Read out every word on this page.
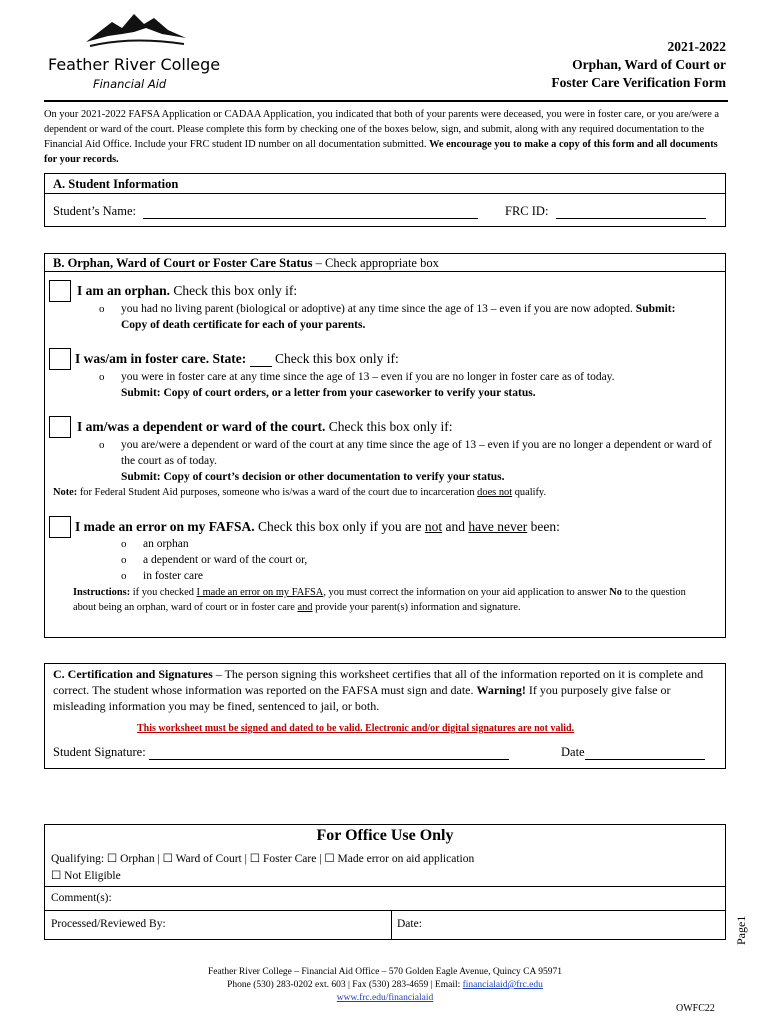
Feather River College
Financial Aid
2021-2022
Orphan, Ward of Court or
Foster Care Verification Form
On your 2021-2022 FAFSA Application or CADAA Application, you indicated that both of your parents were deceased, you were in foster care, or you are/were a dependent or ward of the court. Please complete this form by checking one of the boxes below, sign, and submit, along with any required documentation to the Financial Aid Office. Include your FRC student ID number on all documentation submitted. We encourage you to make a copy of this form and all documents for your records.
A. Student Information
Student’s Name:	FRC ID:
B. Orphan, Ward of Court or Foster Care Status – Check appropriate box
I am an orphan. Check this box only if:
o you had no living parent (biological or adoptive) at any time since the age of 13 – even if you are now adopted. Submit: Copy of death certificate for each of your parents.
I was/am in foster care. State:  Check this box only if:
o you were in foster care at any time since the age of 13 – even if you are no longer in foster care as of today.
Submit: Copy of court orders, or a letter from your caseworker to verify your status.
I am/was a dependent or ward of the court. Check this box only if:
o you are/were a dependent or ward of the court at any time since the age of 13 – even if you are no longer a dependent or ward of the court as of today.
Submit: Copy of court’s decision or other documentation to verify your status.
Note: for Federal Student Aid purposes, someone who is/was a ward of the court due to incarceration does not qualify.
I made an error on my FAFSA. Check this box only if you are not and have never been:
o an orphan
o a dependent or ward of the court or,
o in foster care
Instructions: if you checked I made an error on my FAFSA, you must correct the information on your aid application to answer No to the question about being an orphan, ward of court or in foster care and provide your parent(s) information and signature.
C. Certification and Signatures – The person signing this worksheet certifies that all of the information reported on it is complete and correct. The student whose information was reported on the FAFSA must sign and date. Warning! If you purposely give false or misleading information you may be fined, sentenced to jail, or both.
This worksheet must be signed and dated to be valid. Electronic and/or digital signatures are not valid.
Student Signature:	Date
For Office Use Only
Qualifying: ☐ Orphan | ☐ Ward of Court | ☐ Foster Care | ☐ Made error on aid application
☐ Not Eligible
Comment(s):
Processed/Reviewed By:	Date:
Feather River College – Financial Aid Office – 570 Golden Eagle Avenue, Quincy CA 95971
Phone (530) 283-0202 ext. 603 | Fax (530) 283-4659 | Email: financialaid@frc.edu
www.frc.edu/financialaid
Page1
OWFC22
